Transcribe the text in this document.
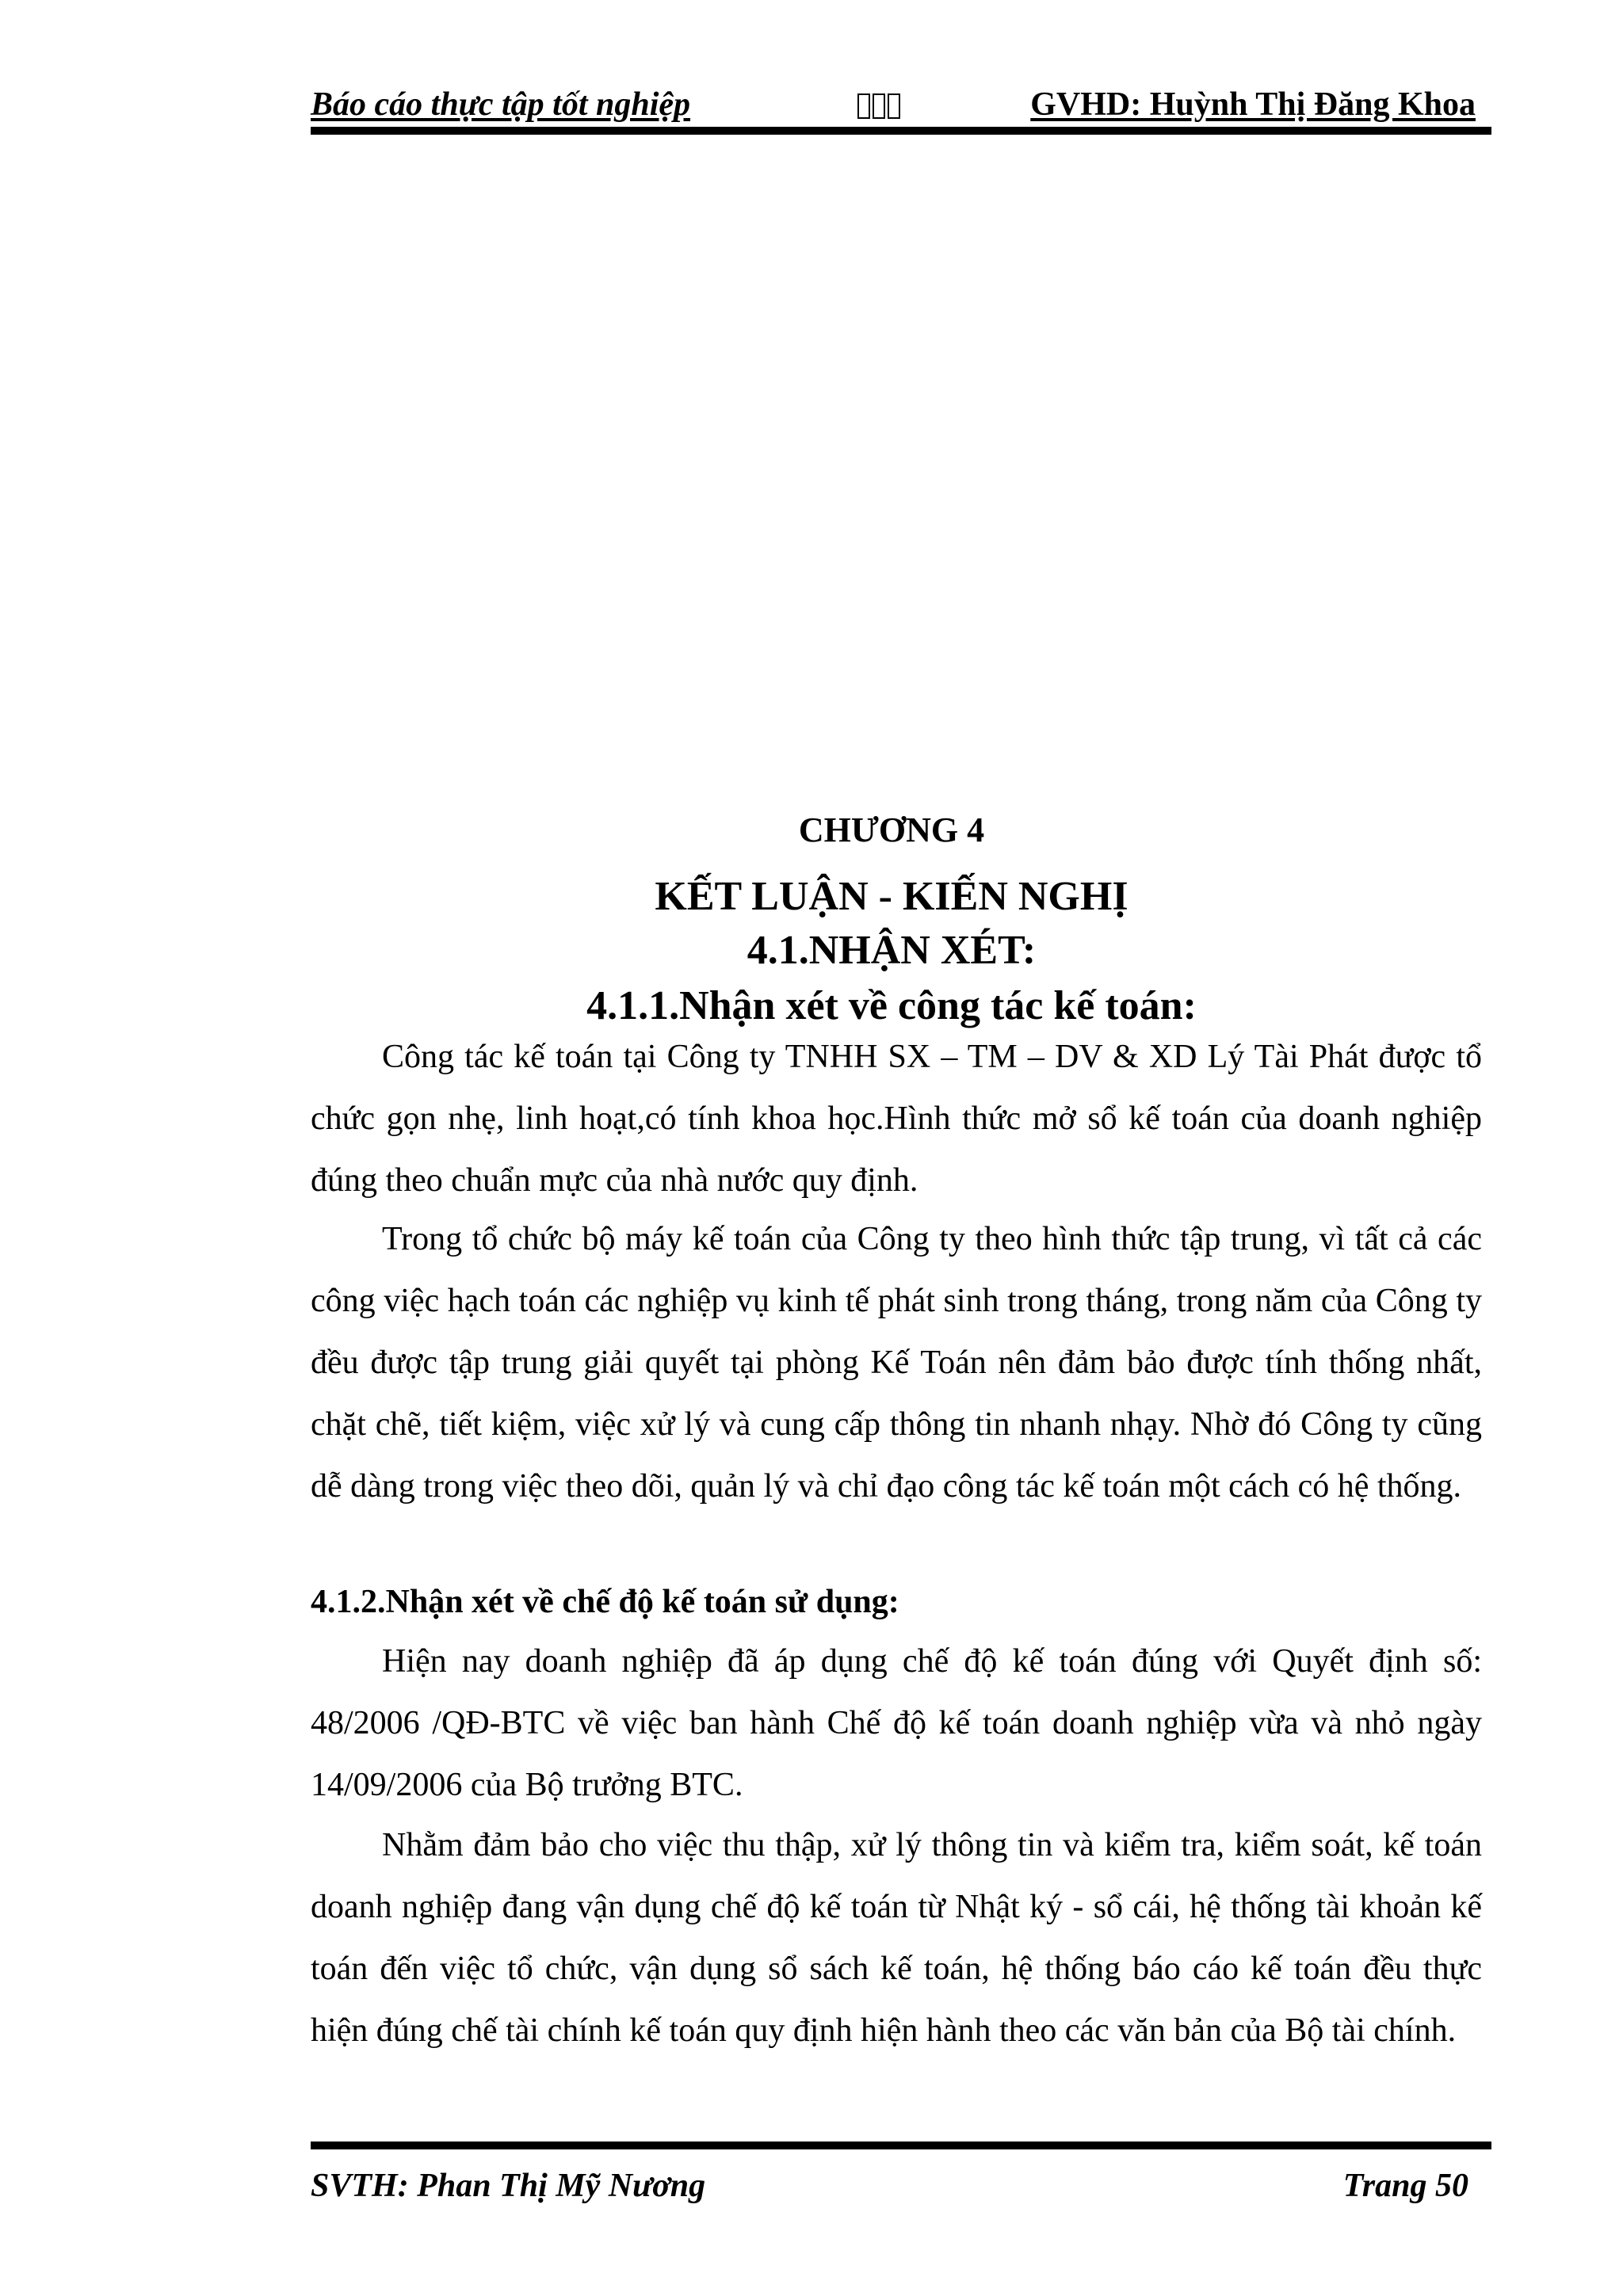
Báo cáo thực tập tốt nghiệp	GVHD: Huỳnh Thị Đăng Khoa
CHƯƠNG 4
KẾT LUẬN - KIẾN NGHỊ
4.1.NHẬN XÉT:
4.1.1.Nhận xét về công tác kế toán:

Công tác kế toán tại Công ty TNHH SX – TM – DV & XD Lý Tài Phát được tổ chức gọn nhẹ, linh hoạt,có tính khoa học.Hình thức mở sổ kế toán của doanh nghiệp đúng theo chuẩn mực của nhà nước quy định.

Trong tổ chức bộ máy kế toán của Công ty theo hình thức tập trung, vì tất cả các công việc hạch toán các nghiệp vụ kinh tế phát sinh trong tháng, trong năm của Công ty đều được tập trung giải quyết tại phòng Kế Toán nên đảm bảo được tính thống nhất, chặt chẽ, tiết kiệm, việc xử lý và cung cấp thông tin nhanh nhạy. Nhờ đó Công ty cũng dễ dàng trong việc theo dõi, quản lý và chỉ đạo công tác kế toán một cách có hệ thống.

4.1.2.Nhận xét về chế độ kế toán sử dụng:

Hiện nay doanh nghiệp đã áp dụng chế độ kế toán đúng với Quyết định số: 48/2006 /QĐ-BTC về việc ban hành Chế độ kế toán doanh nghiệp vừa và nhỏ ngày 14/09/2006 của Bộ trưởng BTC.

Nhằm đảm bảo cho việc thu thập, xử lý thông tin và kiểm tra, kiểm soát, kế toán doanh nghiệp đang vận dụng chế độ kế toán từ Nhật ký - sổ cái, hệ thống tài khoản kế toán đến việc tổ chức, vận dụng sổ sách kế toán, hệ thống báo cáo kế toán đều thực hiện đúng chế tài chính kế toán quy định hiện hành theo các văn bản của Bộ tài chính.

SVTH: Phan Thị Mỹ Nương	Trang 50
